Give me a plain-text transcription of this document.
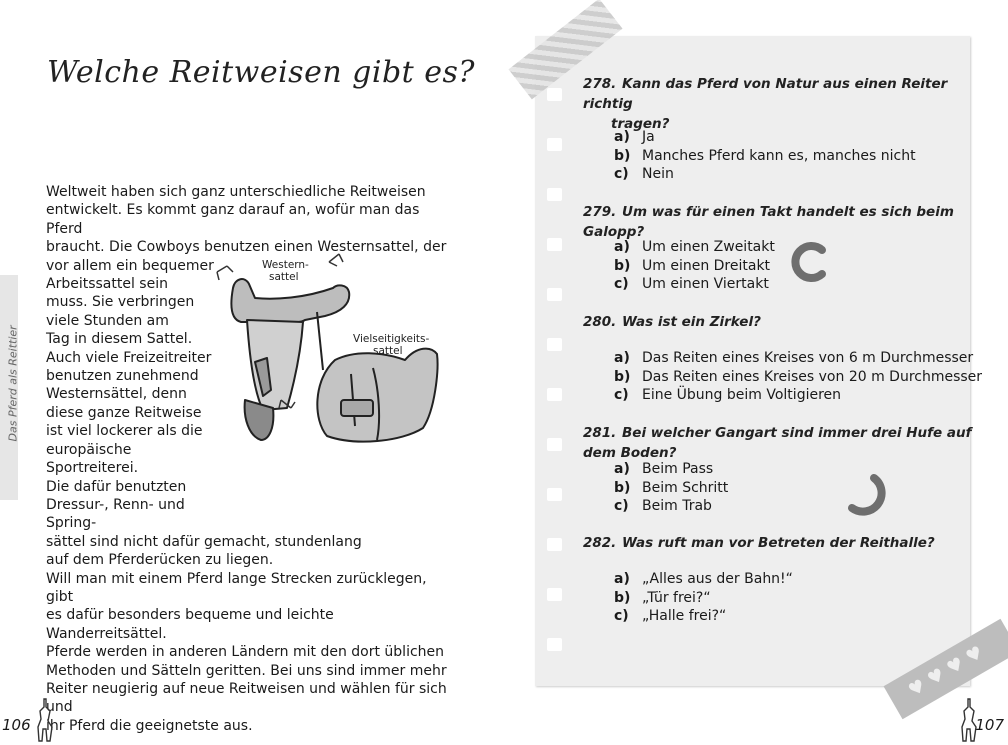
Das Pferd als Reittier
Welche Reitweisen gibt es?

Weltweit haben sich ganz unterschiedliche Reitweisen

entwickelt. Es kommt ganz darauf an, wofür man das Pferd

braucht. Die Cowboys benutzen einen Westernsattel, der

vor allem ein bequemer

Arbeitssattel sein

muss. Sie verbringen

viele Stunden am

Tag in diesem Sattel.

Auch viele Freizeitreiter

benutzen zunehmend

Westernsättel, denn

diese ganze Reitweise

ist viel lockerer als die

europäische Sportreiterei.

Die dafür benutzten

Dressur-, Renn- und Spring-

sättel sind nicht dafür gemacht, stundenlang

auf dem Pferderücken zu liegen.

Will man mit einem Pferd lange Strecken zurücklegen, gibt

es dafür besonders bequeme und leichte Wanderreitsättel.

Pferde werden in anderen Ländern mit den dort üblichen

Methoden und Sätteln geritten. Bei uns sind immer mehr

Reiter neugierig auf neue Reitweisen und wählen für sich und

ihr Pferd die geeignetste aus.

Western-
sattel
Vielseitigkeits-
sattel
106
♥♥♥♥
278. Kann das Pferd von Natur aus einen Reiter richtig
tragen?
a) Ja
b) Manches Pferd kann es, manches nicht
c) Nein
279. Um was für einen Takt handelt es sich beim Galopp?
a) Um einen Zweitakt
b) Um einen Dreitakt
c) Um einen Viertakt
280. Was ist ein Zirkel?
a) Das Reiten eines Kreises von 6 m Durchmesser
b) Das Reiten eines Kreises von 20 m Durchmesser
c) Eine Übung beim Voltigieren
281. Bei welcher Gangart sind immer drei Hufe auf dem Boden?
a) Beim Pass
b) Beim Schritt
c) Beim Trab
282. Was ruft man vor Betreten der Reithalle?
a) „Alles aus der Bahn!“
b) „Tür frei?“
c) „Halle frei?“
107
